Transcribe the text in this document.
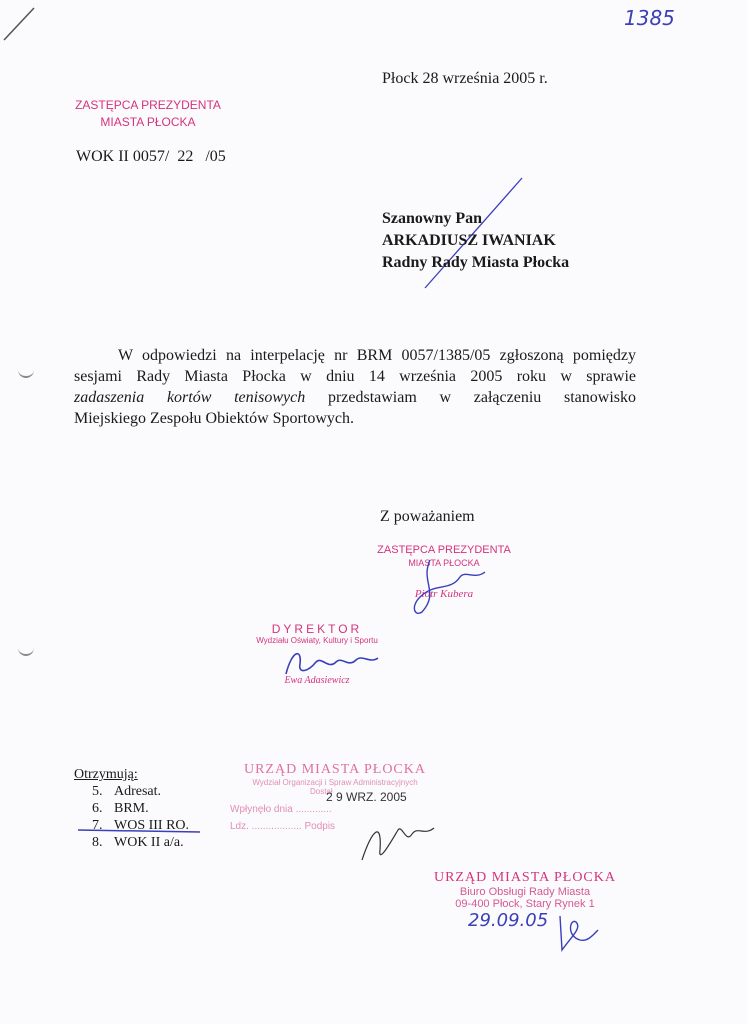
1385
Płock 28 września 2005 r.
ZASTĘPCA PREZYDENTA
MIASTA PŁOCKA
WOK II 0057/  22   /05
Szanowny Pan
ARKADIUSZ IWANIAK
Radny Rady Miasta Płocka
W odpowiedzi na interpelację nr BRM 0057/1385/05 zgłoszoną pomiędzy
sesjami Rady Miasta Płocka w dniu 14 września 2005 roku w sprawie
zadaszenia kortów tenisowych przedstawiam w załączeniu stanowisko
Miejskiego Zespołu Obiektów Sportowych.
Z poważaniem
ZASTĘPCA PREZYDENTA
MIASTA PŁOCKA
Piotr Kubera
DYREKTOR
Wydziału Oświaty, Kultury i Sportu
Ewa Adasiewicz
Otrzymują:
5. Adresat.
6. BRM.
7. WOS III RO.
8. WOK II a/a.
URZĄD MIASTA PŁOCKA
Wydział Organizacji i Spraw Administracyjnych
Dostał
2 9 WRZ. 2005
Wpłynęło dnia .............
Ldz. .................. Podpis
URZĄD MIASTA PŁOCKA
Biuro Obsługi Rady Miasta
09-400 Płock, Stary Rynek 1
29.09.05
